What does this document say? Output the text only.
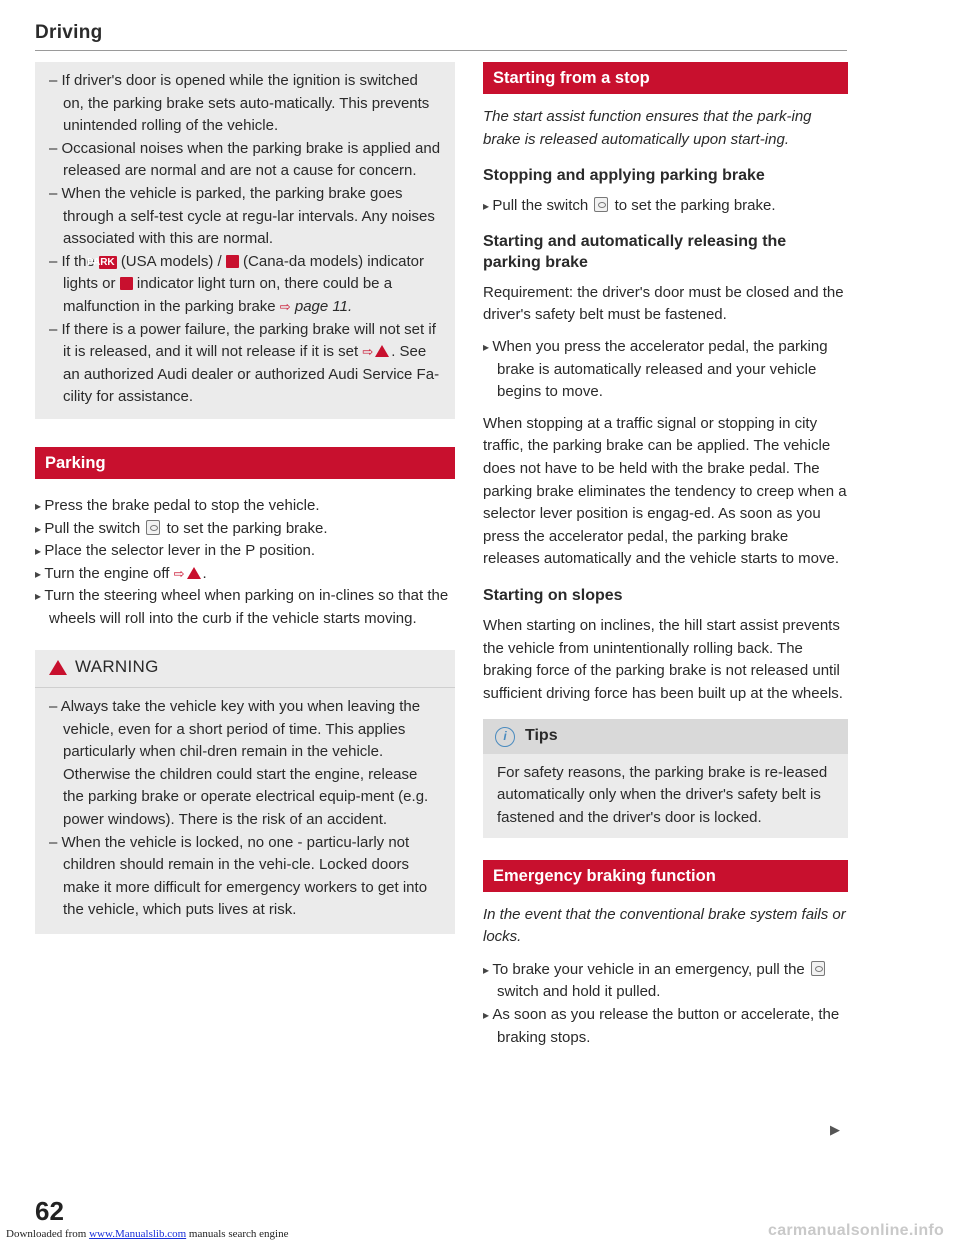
Driving

– If driver's door is opened while the ignition is switched on, the parking brake sets auto-matically. This prevents unintended rolling of the vehicle.

– Occasional noises when the parking brake is applied and released are normal and are not a cause for concern.

– When the vehicle is parked, the parking brake goes through a self-test cycle at regu-lar intervals. Any noises associated with this are normal.

– If the PARK (USA models) / (Cana-da models) indicator lights or indicator light turn on, there could be a malfunction in the parking brake ⇨ page 11.

– If there is a power failure, the parking brake will not set if it is released, and it will not release if it is set ⇨ . See an authorized Audi dealer or authorized Audi Service Fa-cility for assistance.

Parking

▸ Press the brake pedal to stop the vehicle.

▸ Pull the switch to set the parking brake.

▸ Place the selector lever in the P position.

▸ Turn the engine off ⇨ .

▸ Turn the steering wheel when parking on in-clines so that the wheels will roll into the curb if the vehicle starts moving.

WARNING

– Always take the vehicle key with you when leaving the vehicle, even for a short period of time. This applies particularly when chil-dren remain in the vehicle. Otherwise the children could start the engine, release the parking brake or operate electrical equip-ment (e.g. power windows). There is the risk of an accident.

– When the vehicle is locked, no one - particu-larly not children should remain in the vehi-cle. Locked doors make it more difficult for emergency workers to get into the vehicle, which puts lives at risk.

Starting from a stop

The start assist function ensures that the park-ing brake is released automatically upon start-ing.

Stopping and applying parking brake

▸ Pull the switch to set the parking brake.

Starting and automatically releasing the parking brake

Requirement: the driver's door must be closed and the driver's safety belt must be fastened.

▸ When you press the accelerator pedal, the parking brake is automatically released and your vehicle begins to move.

When stopping at a traffic signal or stopping in city traffic, the parking brake can be applied. The vehicle does not have to be held with the brake pedal. The parking brake eliminates the tendency to creep when a selector lever position is engag-ed. As soon as you press the accelerator pedal, the parking brake releases automatically and the vehicle starts to move.

Starting on slopes

When starting on inclines, the hill start assist prevents the vehicle from unintentionally rolling back. The braking force of the parking brake is not released until sufficient driving force has been built up at the wheels.

i	Tips

For safety reasons, the parking brake is re-leased automatically only when the driver's safety belt is fastened and the driver's door is locked.

Emergency braking function

In the event that the conventional brake system fails or locks.

▸ To brake your vehicle in an emergency, pull the  switch and hold it pulled.

▸ As soon as you release the button or accelerate, the braking stops.

▶
62
Downloaded from www.Manualslib.com manuals search engine	carmanualsonline.info
